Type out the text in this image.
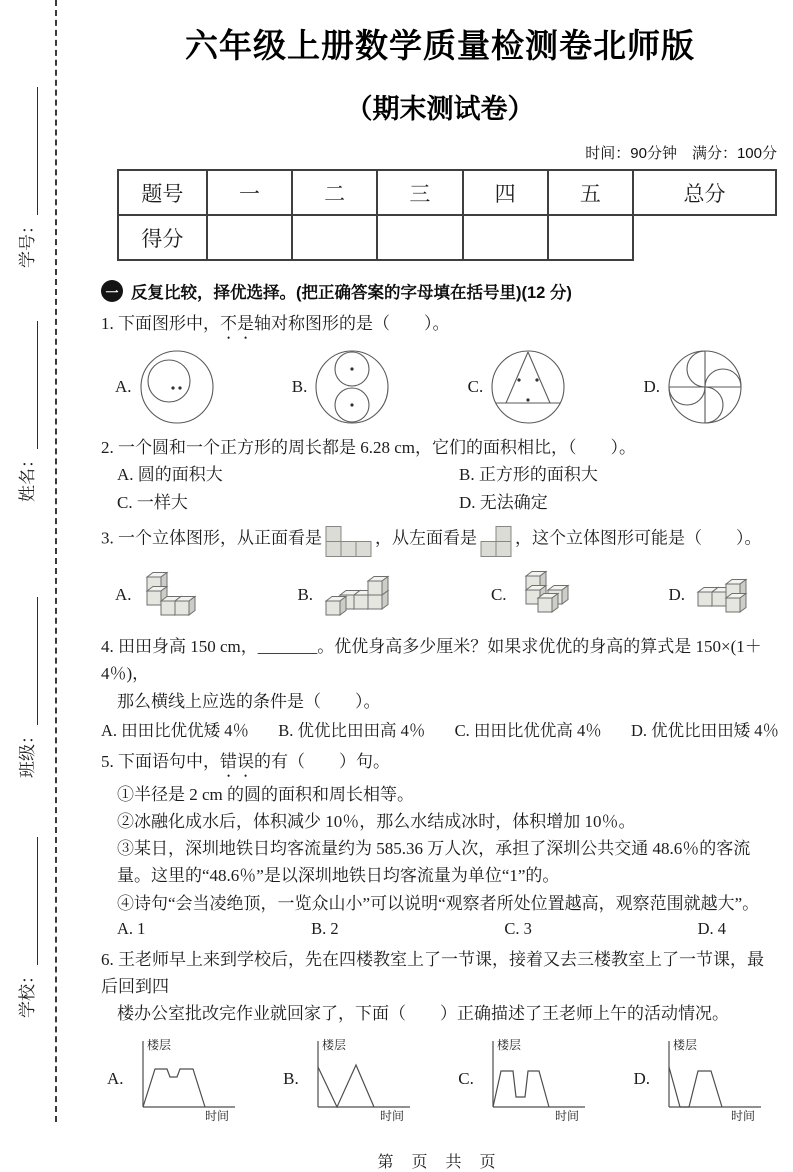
学号：
姓名：
班级：
学校：
六年级上册数学质量检测卷北师版
（期末测试卷）
时间：90分钟　满分：100分
题号	一	二	三	四	五	总分
得分						
一 反复比较，择优选择。(把正确答案的字母填在括号里)(12 分)
1. 下面图形中，不是轴对称图形的是（　　）。
A.	B.	C.	D.
2. 一个圆和一个正方形的周长都是 6.28 cm，它们的面积相比，（　　）。
A. 圆的面积大	B. 正方形的面积大
C. 一样大	D. 无法确定
3. 一个立体图形，从正面看是	，从左面看是 ，这个立体图形可能是（　　）。
A.	B.	C.	D.
4. 田田身高 150 cm，_______。优优身高多少厘米？如果求优优的身高的算式是 150×(1＋4％)，
那么横线上应选的条件是（　　）。
A. 田田比优优矮 4％ B. 优优比田田高 4％ C. 田田比优优高 4％ D. 优优比田田矮 4％
5. 下面语句中，错误的有（　　）句。
①半径是 2 cm 的圆的面积和周长相等。
②冰融化成水后，体积减少 10％，那么水结成冰时，体积增加 10％。
③某日，深圳地铁日均客流量约为 585.36 万人次，承担了深圳公共交通 48.6％的客流量。这里的“48.6％”是以深圳地铁日均客流量为单位“1”的。
④诗句“会当凌绝顶，一览众山小”可以说明“观察者所处位置越高，观察范围就越大”。
A. 1	B. 2	C. 3	D. 4
6. 王老师早上来到学校后，先在四楼教室上了一节课，接着又去三楼教室上了一节课，最后回到四
楼办公室批改完作业就回家了，下面（　　）正确描述了王老师上午的活动情况。
A.
楼层
时间
B.
楼层
时间
C.
楼层
时间
D.
楼层
时间
第 页 共 页
